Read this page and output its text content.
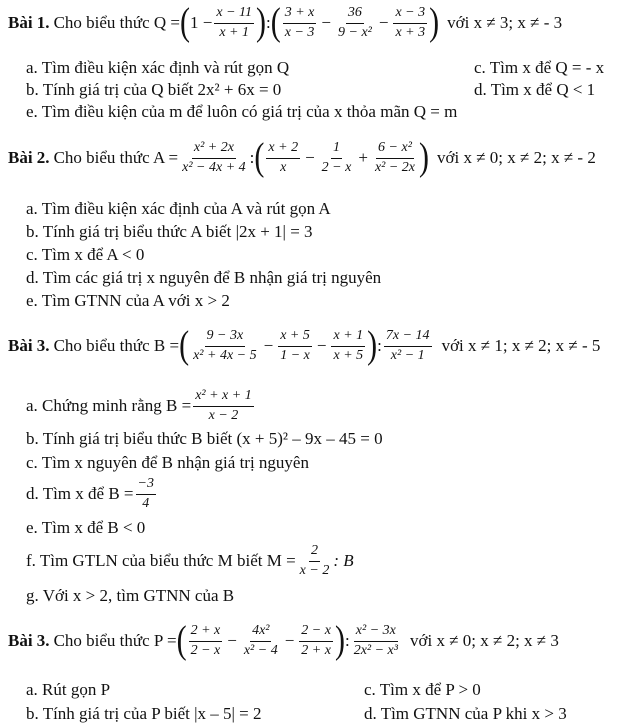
Bài 1. Cho biểu thức Q = ( $1 - \frac{x - 11}{x + 1}$ ) : ( $\frac{3 + x}{x - 3} - \frac{36}{\text{9 − x²}} - \frac{x - 3}{x + 3}$ ) với x ≠ 3; x ≠ - 3
a. Tìm điều kiện xác định và rút gọn Q	c. Tìm x để Q = - x
b. Tính giá trị của Q biết 2x² + 6x = 0	d. Tìm x để Q < 1
e. Tìm điều kiện của m để luôn có giá trị của x thỏa mãn Q = m
Bài 2. Cho biểu thức $A = \frac{\text{x² + 2x}}{\text{x² − 4x + 4}}$ : ( $\frac{x + 2}{x} - \frac{1}{2 - x} + \frac{\text{6 − x²}}{\text{x² − 2x}}$ ) với x ≠ 0; x ≠ 2; x ≠ - 2
a. Tìm điều kiện xác định của A và rút gọn A
b. Tính giá trị biểu thức A biết |2x + 1| = 3
c. Tìm x để A < 0
d. Tìm các giá trị x nguyên để B nhận giá trị nguyên
e. Tìm GTNN của A với x > 2
Bài 3. Cho biểu thức B = ( $\frac{9 - 3x}{\text{x² + 4x − 5}} - \frac{x + 5}{1 - x} - \frac{x + 1}{x + 5}$ ) : $\frac{7x - 14}{\text{x² − 1}}$ với x ≠ 1; x ≠ 2; x ≠ - 5
a. Chứng minh rằng $B = \frac{\text{x² + x + 1}}{x - 2}$
b. Tính giá trị biểu thức B biết (x + 5)² – 9x – 45 = 0
c. Tìm x nguyên để B nhận giá trị nguyên
d. Tìm x để $B = \frac{-3}{4}$
e. Tìm x để B < 0
f. Tìm GTLN của biểu thức M biết $M = \frac{2}{x - 2}$ : B
g. Với x > 2, tìm GTNN của B
Bài 3. Cho biểu thức P = ( $\frac{2 + x}{2 - x} - \frac{\text{4x²}}{\text{x² − 4}} - \frac{2 - x}{2 + x}$ ) : $\frac{\text{x² − 3x}}{\text{2x² − x³}}$ với x ≠ 0; x ≠ 2; x ≠ 3
a. Rút gọn P	c. Tìm x để P > 0
b. Tính giá trị của P biết |x – 5| = 2	d. Tìm GTNN của P khi x > 3
